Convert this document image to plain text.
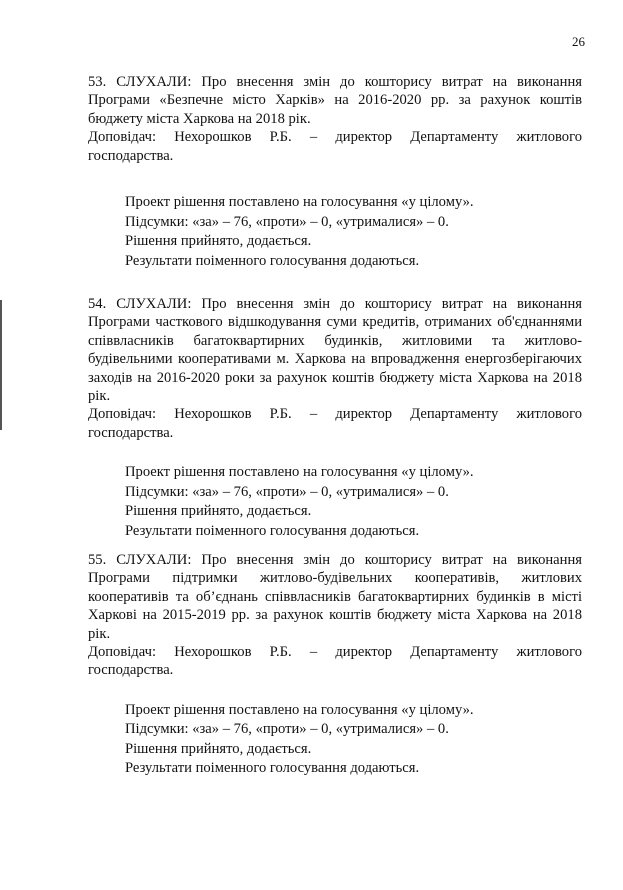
26

53. СЛУХАЛИ: Про внесення змін до кошторису витрат на виконання Програми «Безпечне місто Харків» на 2016-2020 рр. за рахунок коштів бюджету міста Харкова на 2018 рік.

Доповідач: Нехорошков Р.Б. – директор Департаменту житлового господарства.

Проект рішення поставлено на голосування «у цілому».
Підсумки: «за» – 76, «проти» – 0, «утрималися» – 0.
Рішення прийнято, додається.
Результати поіменного голосування додаються.

54. СЛУХАЛИ: Про внесення змін до кошторису витрат на виконання Програми часткового відшкодування суми кредитів, отриманих об'єднаннями співвласників багатоквартирних будинків, житловими та житлово-будівельними кооперативами м. Харкова на впровадження енергозберігаючих заходів на 2016-2020 роки за рахунок коштів бюджету міста Харкова на 2018 рік.

Доповідач: Нехорошков Р.Б. – директор Департаменту житлового господарства.

Проект рішення поставлено на голосування «у цілому».
Підсумки: «за» – 76, «проти» – 0, «утрималися» – 0.
Рішення прийнято, додається.
Результати поіменного голосування додаються.

55. СЛУХАЛИ: Про внесення змін до кошторису витрат на виконання Програми підтримки житлово-будівельних кооперативів, житлових кооперативів та об’єднань співвласників багатоквартирних будинків в місті Харкові на 2015-2019 рр. за рахунок коштів бюджету міста Харкова на 2018 рік.

Доповідач: Нехорошков Р.Б. – директор Департаменту житлового господарства.

Проект рішення поставлено на голосування «у цілому».
Підсумки: «за» – 76, «проти» – 0, «утрималися» – 0.
Рішення прийнято, додається.
Результати поіменного голосування додаються.
